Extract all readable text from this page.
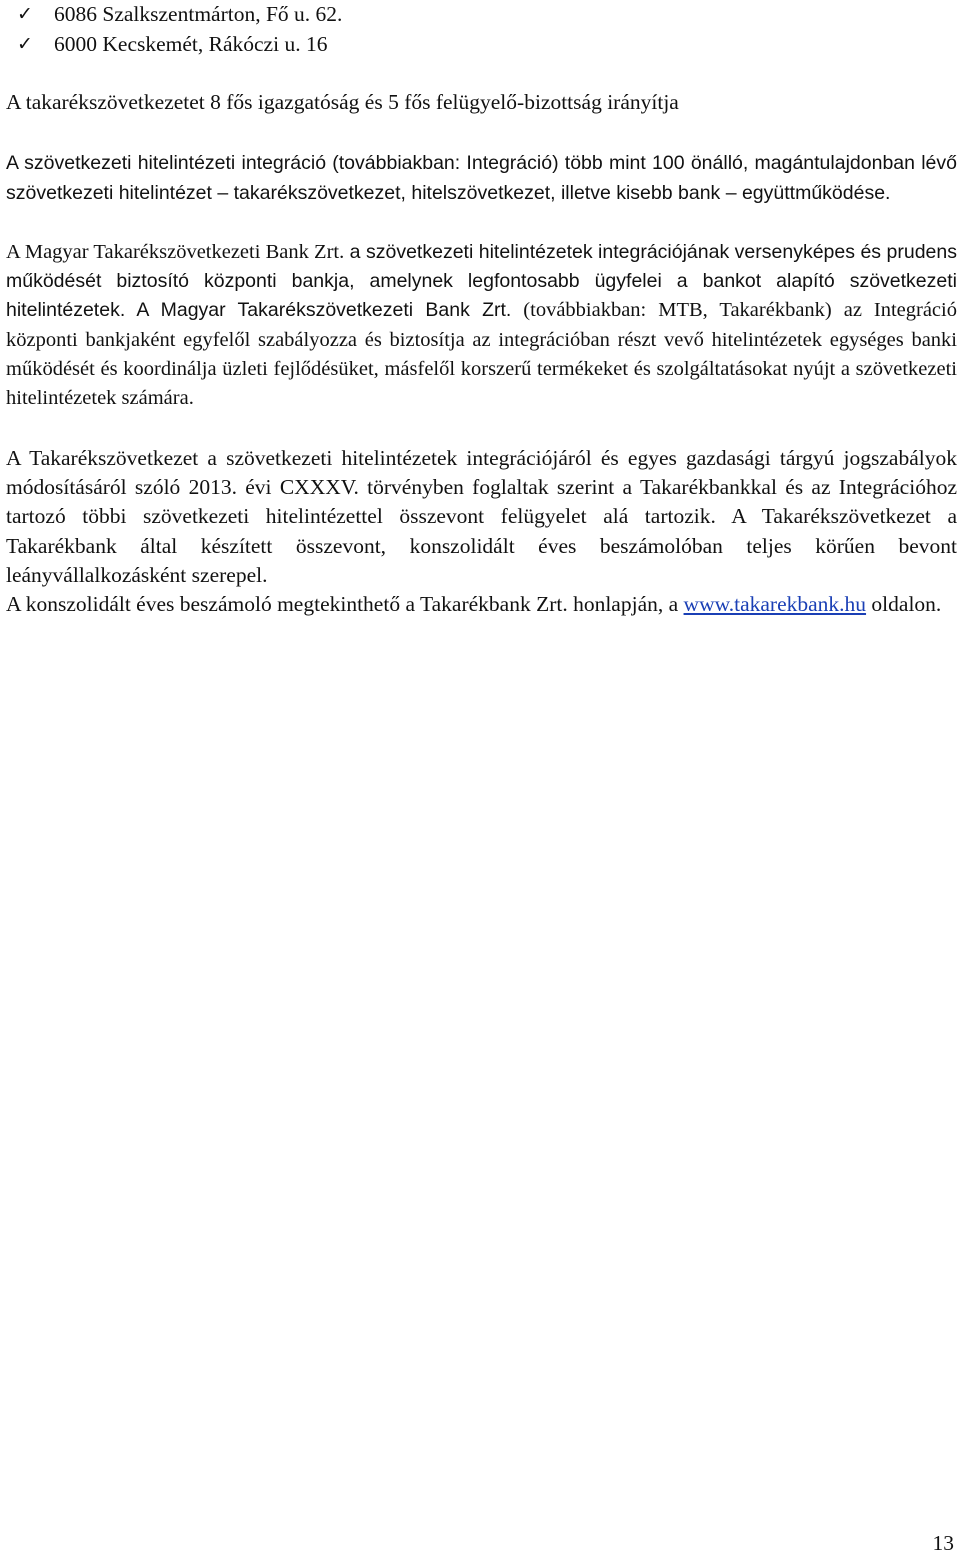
✓ 6086 Szalkszentmárton, Fő u. 62.
✓ 6000 Kecskemét, Rákóczi u. 16

A takarékszövetkezetet 8 fős igazgatóság és 5 fős felügyelő-bizottság irányítja

A szövetkezeti hitelintézeti integráció (továbbiakban: Integráció) több mint 100 önálló, magántulajdonban lévő szövetkezeti hitelintézet – takarékszövetkezet, hitelszövetkezet, illetve kisebb bank – együttműködése.

A Magyar Takarékszövetkezeti Bank Zrt. a szövetkezeti hitelintézetek integrációjának versenyképes és prudens működését biztosító központi bankja, amelynek legfontosabb ügyfelei a bankot alapító szövetkezeti hitelintézetek. A Magyar Takarékszövetkezeti Bank Zrt. (továbbiakban: MTB, Takarékbank) az Integráció központi bankjaként egyfelől szabályozza és biztosítja az integrációban részt vevő hitelintézetek egységes banki működését és koordinálja üzleti fejlődésüket, másfelől korszerű termékeket és szolgáltatásokat nyújt a szövetkezeti hitelintézetek számára.

A Takarékszövetkezet a szövetkezeti hitelintézetek integrációjáról és egyes gazdasági tárgyú jogszabályok módosításáról szóló 2013. évi CXXXV. törvényben foglaltak szerint a Takarékbankkal és az Integrációhoz tartozó többi szövetkezeti hitelintézettel összevont felügyelet alá tartozik. A Takarékszövetkezet a Takarékbank által készített összevont, konszolidált éves beszámolóban teljes körűen bevont leányvállalkozásként szerepel.

A konszolidált éves beszámoló megtekinthető a Takarékbank Zrt. honlapján, a www.takarekbank.hu oldalon.

13
